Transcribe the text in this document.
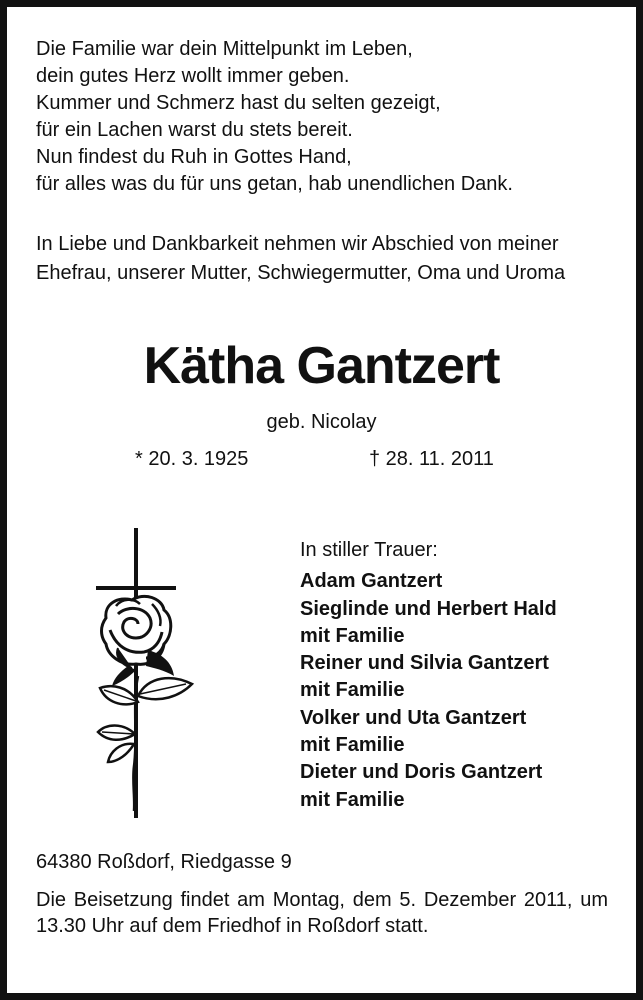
Die Familie war dein Mittelpunkt im Leben,
dein gutes Herz wollt immer geben.
Kummer und Schmerz hast du selten gezeigt,
für ein Lachen warst du stets bereit.
Nun findest du Ruh in Gottes Hand,
für alles was du für uns getan, hab unendlichen Dank.
In Liebe und Dankbarkeit nehmen wir Abschied von meiner Ehefrau, unserer Mutter, Schwiegermutter, Oma und Uroma
Kätha Gantzert
geb. Nicolay
* 20. 3. 1925	† 28. 11. 2011
In stiller Trauer:
Adam Gantzert
Sieglinde und Herbert Hald
mit Familie
Reiner und Silvia Gantzert
mit Familie
Volker und Uta Gantzert
mit Familie
Dieter und Doris Gantzert
mit Familie
64380 Roßdorf, Riedgasse 9
Die Beisetzung findet am Montag, dem 5. Dezember 2011, um 13.30 Uhr auf dem Friedhof in Roßdorf statt.
